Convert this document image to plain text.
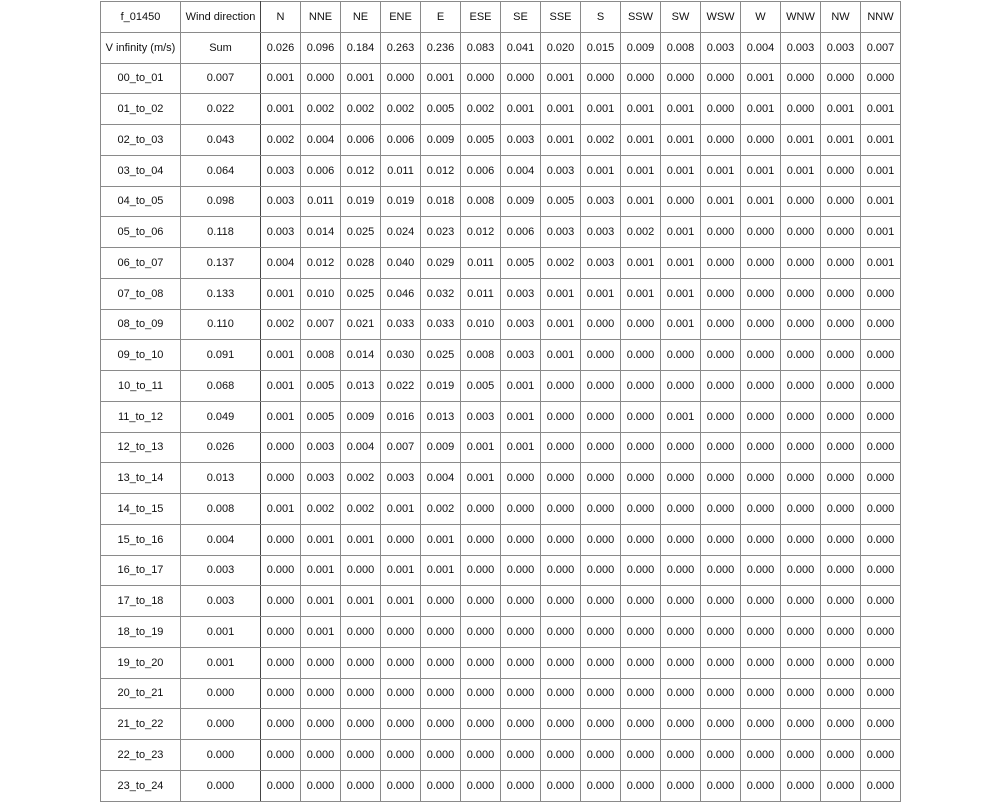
f_01450	Wind direction	N	NNE	NE	ENE	E	ESE	SE	SSE	S	SSW	SW	WSW	W	WNW	NW	NNW
V infinity (m/s)	Sum	0.026	0.096	0.184	0.263	0.236	0.083	0.041	0.020	0.015	0.009	0.008	0.003	0.004	0.003	0.003	0.007
00_to_01	0.007	0.001	0.000	0.001	0.000	0.001	0.000	0.000	0.001	0.000	0.000	0.000	0.000	0.001	0.000	0.000	0.000
01_to_02	0.022	0.001	0.002	0.002	0.002	0.005	0.002	0.001	0.001	0.001	0.001	0.001	0.000	0.001	0.000	0.001	0.001
02_to_03	0.043	0.002	0.004	0.006	0.006	0.009	0.005	0.003	0.001	0.002	0.001	0.001	0.000	0.000	0.001	0.001	0.001
03_to_04	0.064	0.003	0.006	0.012	0.011	0.012	0.006	0.004	0.003	0.001	0.001	0.001	0.001	0.001	0.001	0.000	0.001
04_to_05	0.098	0.003	0.011	0.019	0.019	0.018	0.008	0.009	0.005	0.003	0.001	0.000	0.001	0.001	0.000	0.000	0.001
05_to_06	0.118	0.003	0.014	0.025	0.024	0.023	0.012	0.006	0.003	0.003	0.002	0.001	0.000	0.000	0.000	0.000	0.001
06_to_07	0.137	0.004	0.012	0.028	0.040	0.029	0.011	0.005	0.002	0.003	0.001	0.001	0.000	0.000	0.000	0.000	0.001
07_to_08	0.133	0.001	0.010	0.025	0.046	0.032	0.011	0.003	0.001	0.001	0.001	0.001	0.000	0.000	0.000	0.000	0.000
08_to_09	0.110	0.002	0.007	0.021	0.033	0.033	0.010	0.003	0.001	0.000	0.000	0.001	0.000	0.000	0.000	0.000	0.000
09_to_10	0.091	0.001	0.008	0.014	0.030	0.025	0.008	0.003	0.001	0.000	0.000	0.000	0.000	0.000	0.000	0.000	0.000
10_to_11	0.068	0.001	0.005	0.013	0.022	0.019	0.005	0.001	0.000	0.000	0.000	0.000	0.000	0.000	0.000	0.000	0.000
11_to_12	0.049	0.001	0.005	0.009	0.016	0.013	0.003	0.001	0.000	0.000	0.000	0.001	0.000	0.000	0.000	0.000	0.000
12_to_13	0.026	0.000	0.003	0.004	0.007	0.009	0.001	0.001	0.000	0.000	0.000	0.000	0.000	0.000	0.000	0.000	0.000
13_to_14	0.013	0.000	0.003	0.002	0.003	0.004	0.001	0.000	0.000	0.000	0.000	0.000	0.000	0.000	0.000	0.000	0.000
14_to_15	0.008	0.001	0.002	0.002	0.001	0.002	0.000	0.000	0.000	0.000	0.000	0.000	0.000	0.000	0.000	0.000	0.000
15_to_16	0.004	0.000	0.001	0.001	0.000	0.001	0.000	0.000	0.000	0.000	0.000	0.000	0.000	0.000	0.000	0.000	0.000
16_to_17	0.003	0.000	0.001	0.000	0.001	0.001	0.000	0.000	0.000	0.000	0.000	0.000	0.000	0.000	0.000	0.000	0.000
17_to_18	0.003	0.000	0.001	0.001	0.001	0.000	0.000	0.000	0.000	0.000	0.000	0.000	0.000	0.000	0.000	0.000	0.000
18_to_19	0.001	0.000	0.001	0.000	0.000	0.000	0.000	0.000	0.000	0.000	0.000	0.000	0.000	0.000	0.000	0.000	0.000
19_to_20	0.001	0.000	0.000	0.000	0.000	0.000	0.000	0.000	0.000	0.000	0.000	0.000	0.000	0.000	0.000	0.000	0.000
20_to_21	0.000	0.000	0.000	0.000	0.000	0.000	0.000	0.000	0.000	0.000	0.000	0.000	0.000	0.000	0.000	0.000	0.000
21_to_22	0.000	0.000	0.000	0.000	0.000	0.000	0.000	0.000	0.000	0.000	0.000	0.000	0.000	0.000	0.000	0.000	0.000
22_to_23	0.000	0.000	0.000	0.000	0.000	0.000	0.000	0.000	0.000	0.000	0.000	0.000	0.000	0.000	0.000	0.000	0.000
23_to_24	0.000	0.000	0.000	0.000	0.000	0.000	0.000	0.000	0.000	0.000	0.000	0.000	0.000	0.000	0.000	0.000	0.000
